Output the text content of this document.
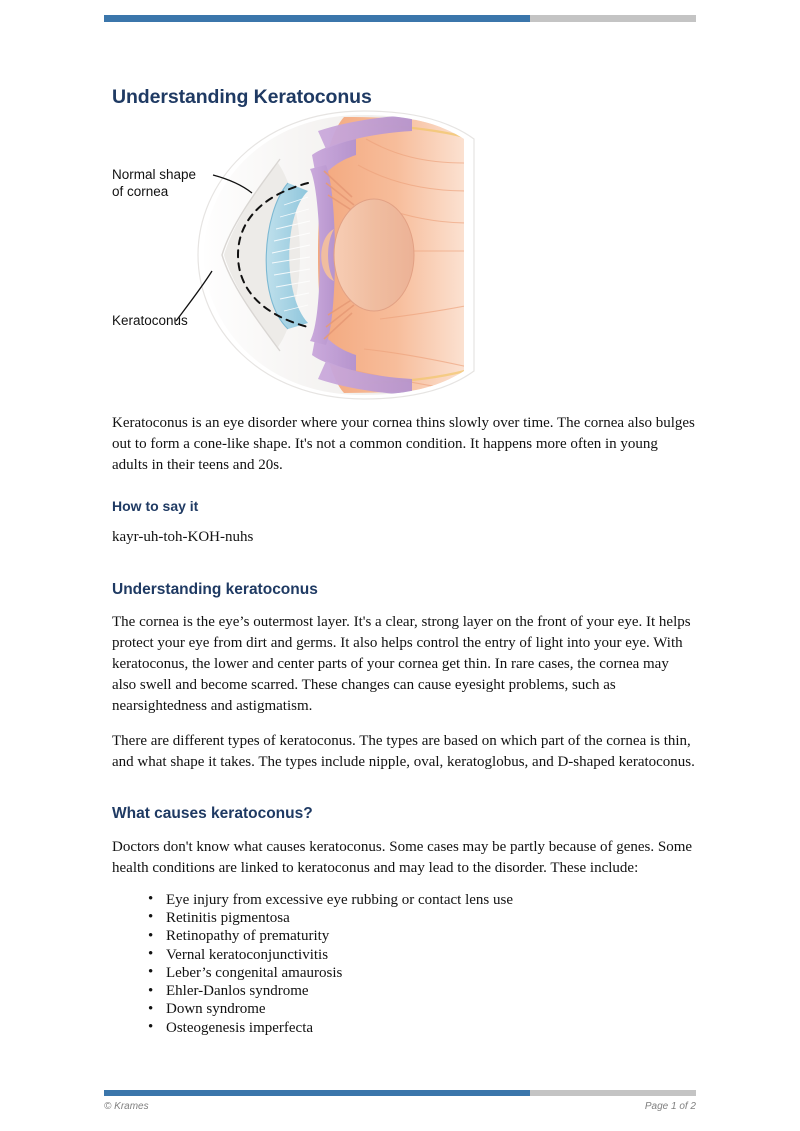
Understanding Keratoconus
Normal shape
of cornea
Keratoconus

Keratoconus is an eye disorder where your cornea thins slowly over time. The cornea also bulges out to form a cone-like shape. It's not a common condition. It happens more often in young adults in their teens and 20s.

How to say it

kayr-uh-toh-KOH-nuhs

Understanding keratoconus

The cornea is the eye’s outermost layer. It's a clear, strong layer on the front of your eye. It helps protect your eye from dirt and germs. It also helps control the entry of light into your eye. With keratoconus, the lower and center parts of your cornea get thin. In rare cases, the cornea may also swell and become scarred. These changes can cause eyesight problems, such as nearsightedness and astigmatism.

There are different types of keratoconus. The types are based on which part of the cornea is thin, and what shape it takes. The types include nipple, oval, keratoglobus, and D-shaped keratoconus.

What causes keratoconus?

Doctors don't know what causes keratoconus. Some cases may be partly because of genes. Some health conditions are linked to keratoconus and may lead to the disorder. These include:

• Eye injury from excessive eye rubbing or contact lens use
• Retinitis pigmentosa
• Retinopathy of prematurity
• Vernal keratoconjunctivitis
• Leber’s congenital amaurosis
• Ehler-Danlos syndrome
• Down syndrome
• Osteogenesis imperfecta
© Krames	Page 1 of 2
